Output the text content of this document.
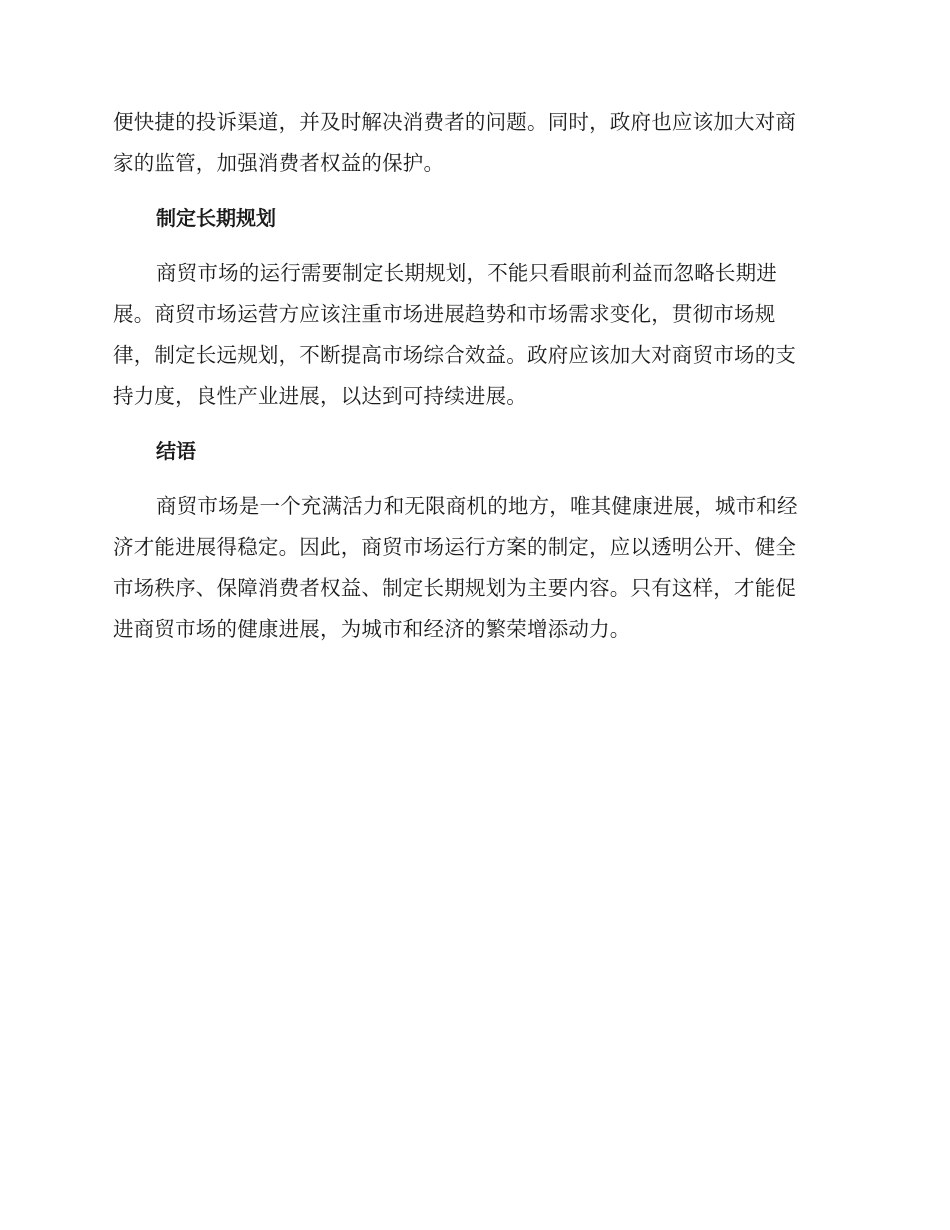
便快捷的投诉渠道，并及时解决消费者的问题。同时，政府也应该加大对商
家的监管，加强消费者权益的保护。
制定长期规划
商贸市场的运行需要制定长期规划，不能只看眼前利益而忽略长期进
展。商贸市场运营方应该注重市场进展趋势和市场需求变化，贯彻市场规
律，制定长远规划，不断提高市场综合效益。政府应该加大对商贸市场的支
持力度，良性产业进展，以达到可持续进展。
结语
商贸市场是一个充满活力和无限商机的地方，唯其健康进展，城市和经
济才能进展得稳定。因此，商贸市场运行方案的制定，应以透明公开、健全
市场秩序、保障消费者权益、制定长期规划为主要内容。只有这样，才能促
进商贸市场的健康进展，为城市和经济的繁荣增添动力。
